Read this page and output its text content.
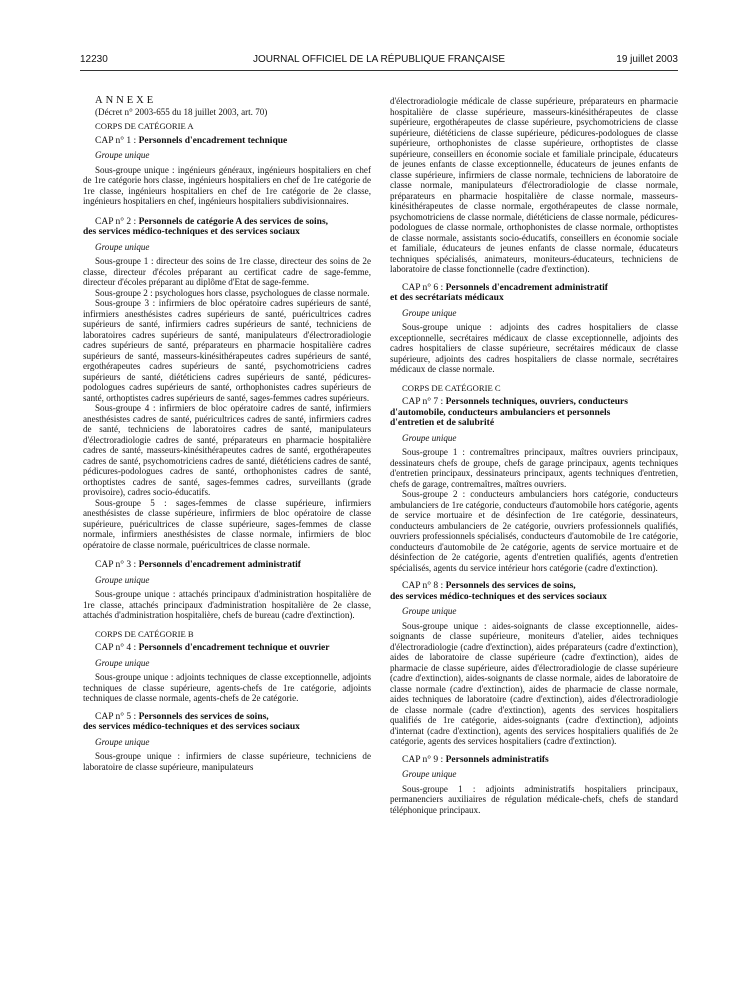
12230	JOURNAL OFFICIEL DE LA RÉPUBLIQUE FRANÇAISE	19 juillet 2003

ANNEXE

(Décret n° 2003-655 du 18 juillet 2003, art. 70)

CORPS DE CATÉGORIE A

CAP n° 1 : Personnels d'encadrement technique

Groupe unique

Sous-groupe unique : ingénieurs généraux, ingénieurs hospitaliers en chef de 1re catégorie hors classe, ingénieurs hospitaliers en chef de 1re catégorie de 1re classe, ingénieurs hospitaliers en chef de 1re catégorie de 2e classe, ingénieurs hospitaliers en chef, ingénieurs hospitaliers subdivisionnaires.

CAP n° 2 : Personnels de catégorie A des services de soins,
des services médico-techniques et des services sociaux

Groupe unique

Sous-groupe 1 : directeur des soins de 1re classe, directeur des soins de 2e classe, directeur d'écoles préparant au certificat cadre de sage-femme, directeur d'écoles préparant au diplôme d'Etat de sage-femme.

Sous-groupe 2 : psychologues hors classe, psychologues de classe normale.

Sous-groupe 3 : infirmiers de bloc opératoire cadres supérieurs de santé, infirmiers anesthésistes cadres supérieurs de santé, puéricultrices cadres supérieurs de santé, infirmiers cadres supérieurs de santé, techniciens de laboratoires cadres supérieurs de santé, manipulateurs d'électroradiologie cadres supérieurs de santé, préparateurs en pharmacie hospitalière cadres supérieurs de santé, masseurs-kinésithérapeutes cadres supérieurs de santé, ergothérapeutes cadres supérieurs de santé, psychomotriciens cadres supérieurs de santé, diététiciens cadres supérieurs de santé, pédicures-podologues cadres supérieurs de santé, orthophonistes cadres supérieurs de santé, orthoptistes cadres supérieurs de santé, sages-femmes cadres supérieurs.

Sous-groupe 4 : infirmiers de bloc opératoire cadres de santé, infirmiers anesthésistes cadres de santé, puéricultrices cadres de santé, infirmiers cadres de santé, techniciens de laboratoires cadres de santé, manipulateurs d'électroradiologie cadres de santé, préparateurs en pharmacie hospitalière cadres de santé, masseurs-kinésithérapeutes cadres de santé, ergothérapeutes cadres de santé, psychomotriciens cadres de santé, diététiciens cadres de santé, pédicures-podologues cadres de santé, orthophonistes cadres de santé, orthoptistes cadres de santé, sages-femmes cadres, surveillants (grade provisoire), cadres socio-éducatifs.

Sous-groupe 5 : sages-femmes de classe supérieure, infirmiers anesthésistes de classe supérieure, infirmiers de bloc opératoire de classe supérieure, puéricultrices de classe supérieure, sages-femmes de classe normale, infirmiers anesthésistes de classe normale, infirmiers de bloc opératoire de classe normale, puéricultrices de classe normale.

CAP n° 3 : Personnels d'encadrement administratif

Groupe unique

Sous-groupe unique : attachés principaux d'administration hospitalière de 1re classe, attachés principaux d'administration hospitalière de 2e classe, attachés d'administration hospitalière, chefs de bureau (cadre d'extinction).

CORPS DE CATÉGORIE B

CAP n° 4 : Personnels d'encadrement technique et ouvrier

Groupe unique

Sous-groupe unique : adjoints techniques de classe exceptionnelle, adjoints techniques de classe supérieure, agents-chefs de 1re catégorie, adjoints techniques de classe normale, agents-chefs de 2e catégorie.

CAP n° 5 : Personnels des services de soins,
des services médico-techniques et des services sociaux

Groupe unique

Sous-groupe unique : infirmiers de classe supérieure, techniciens de laboratoire de classe supérieure, manipulateurs

d'électroradiologie médicale de classe supérieure, préparateurs en pharmacie hospitalière de classe supérieure, masseurs-kinésithérapeutes de classe supérieure, ergothérapeutes de classe supérieure, psychomotriciens de classe supérieure, diététiciens de classe supérieure, pédicures-podologues de classe supérieure, orthophonistes de classe supérieure, orthoptistes de classe supérieure, conseillers en économie sociale et familiale principale, éducateurs de jeunes enfants de classe exceptionnelle, éducateurs de jeunes enfants de classe supérieure, infirmiers de classe normale, techniciens de laboratoire de classe normale, manipulateurs d'électroradiologie de classe normale, préparateurs en pharmacie hospitalière de classe normale, masseurs-kinésithérapeutes de classe normale, ergothérapeutes de classe normale, psychomotriciens de classe normale, diététiciens de classe normale, pédicures-podologues de classe normale, orthophonistes de classe normale, orthoptistes de classe normale, assistants socio-éducatifs, conseillers en économie sociale et familiale, éducateurs de jeunes enfants de classe normale, éducateurs techniques spécialisés, animateurs, moniteurs-éducateurs, techniciens de laboratoire de classe fonctionnelle (cadre d'extinction).

CAP n° 6 : Personnels d'encadrement administratif
et des secrétariats médicaux

Groupe unique

Sous-groupe unique : adjoints des cadres hospitaliers de classe exceptionnelle, secrétaires médicaux de classe exceptionnelle, adjoints des cadres hospitaliers de classe supérieure, secrétaires médicaux de classe supérieure, adjoints des cadres hospitaliers de classe normale, secrétaires médicaux de classe normale.

CORPS DE CATÉGORIE C

CAP n° 7 : Personnels techniques, ouvriers, conducteurs
d'automobile, conducteurs ambulanciers et personnels
d'entretien et de salubrité

Groupe unique

Sous-groupe 1 : contremaîtres principaux, maîtres ouvriers principaux, dessinateurs chefs de groupe, chefs de garage principaux, agents techniques d'entretien principaux, dessinateurs principaux, agents techniques d'entretien, chefs de garage, contremaîtres, maîtres ouvriers.

Sous-groupe 2 : conducteurs ambulanciers hors catégorie, conducteurs ambulanciers de 1re catégorie, conducteurs d'automobile hors catégorie, agents de service mortuaire et de désinfection de 1re catégorie, dessinateurs, conducteurs ambulanciers de 2e catégorie, ouvriers professionnels qualifiés, ouvriers professionnels spécialisés, conducteurs d'automobile de 1re catégorie, conducteurs d'automobile de 2e catégorie, agents de service mortuaire et de désinfection de 2e catégorie, agents d'entretien qualifiés, agents d'entretien spécialisés, agents du service intérieur hors catégorie (cadre d'extinction).

CAP n° 8 : Personnels des services de soins,
des services médico-techniques et des services sociaux

Groupe unique

Sous-groupe unique : aides-soignants de classe exceptionnelle, aides-soignants de classe supérieure, moniteurs d'atelier, aides techniques d'électroradiologie (cadre d'extinction), aides préparateurs (cadre d'extinction), aides de laboratoire de classe supérieure (cadre d'extinction), aides de pharmacie de classe supérieure, aides d'électroradiologie de classe supérieure (cadre d'extinction), aides-soignants de classe normale, aides de laboratoire de classe normale (cadre d'extinction), aides de pharmacie de classe normale, aides techniques de laboratoire (cadre d'extinction), aides d'électroradiologie de classe normale (cadre d'extinction), agents des services hospitaliers qualifiés de 1re catégorie, aides-soignants (cadre d'extinction), adjoints d'internat (cadre d'extinction), agents des services hospitaliers qualifiés de 2e catégorie, agents des services hospitaliers (cadre d'extinction).

CAP n° 9 : Personnels administratifs

Groupe unique

Sous-groupe 1 : adjoints administratifs hospitaliers principaux, permanenciers auxiliaires de régulation médicale-chefs, chefs de standard téléphonique principaux.
